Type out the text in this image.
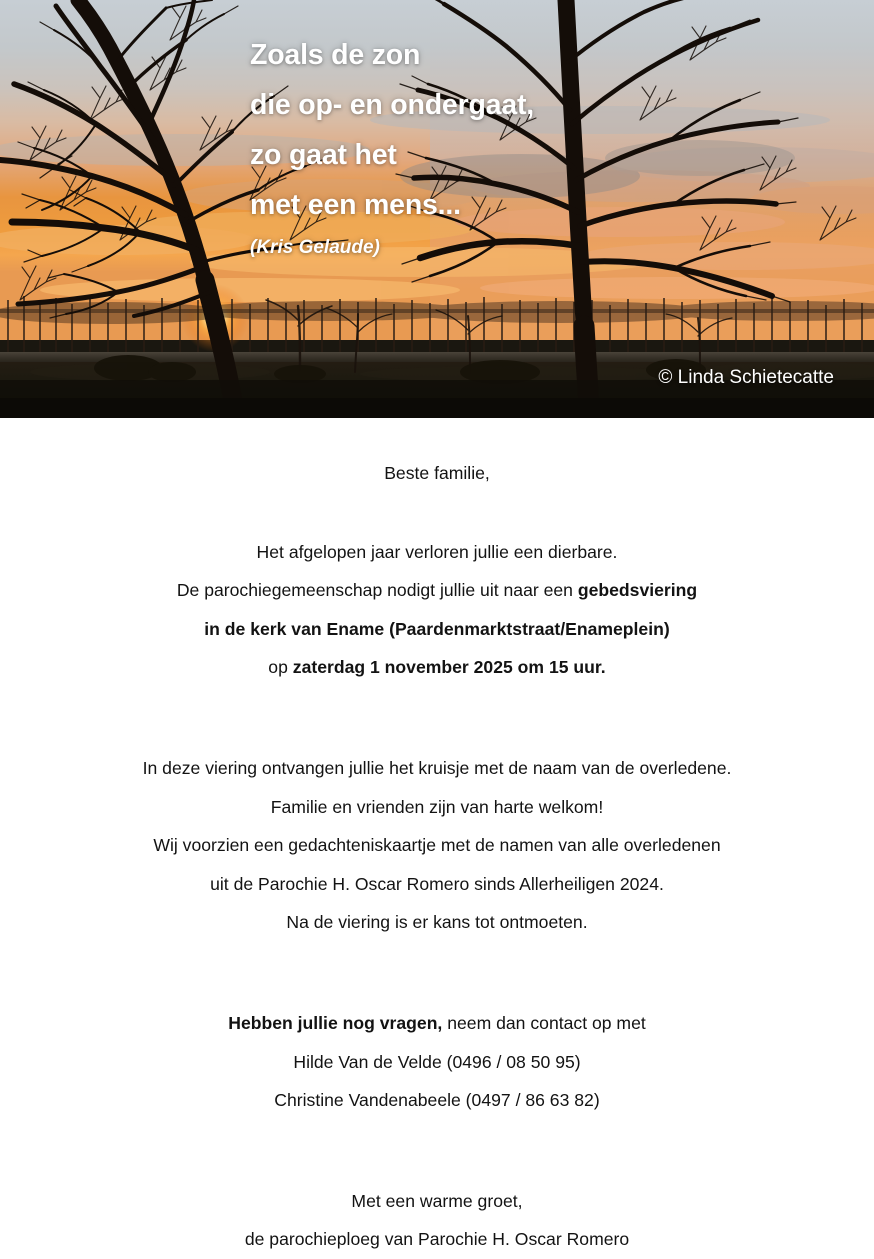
Zoals de zon
die op- en ondergaat,
zo gaat het
met een mens...
(Kris Gelaude)
© Linda Schietecatte
Beste familie,
Het afgelopen jaar verloren jullie een dierbare.
De parochiegemeenschap nodigt jullie uit naar een gebedsviering
in de kerk van Ename (Paardenmarktstraat/Enameplein)
op zaterdag 1 november 2025 om 15 uur.
In deze viering ontvangen jullie het kruisje met de naam van de overledene.
Familie en vrienden zijn van harte welkom!
Wij voorzien een gedachteniskaartje met de namen van alle overledenen
uit de Parochie H. Oscar Romero sinds Allerheiligen 2024.
Na de viering is er kans tot ontmoeten.
Hebben jullie nog vragen, neem dan contact op met
Hilde Van de Velde (0496 / 08 50 95)
Christine Vandenabeele (0497 / 86 63 82)
Met een warme groet,
de parochieploeg van Parochie H. Oscar Romero
